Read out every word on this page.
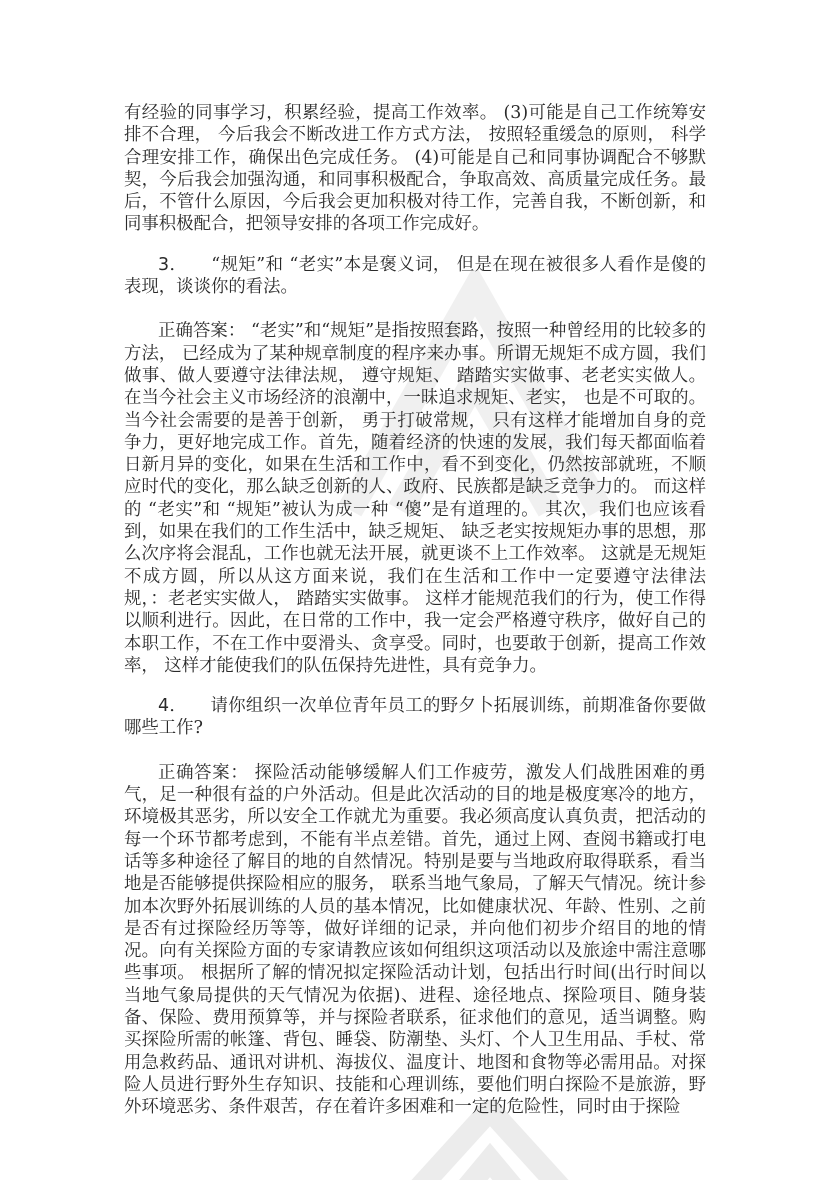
有经验的同事学习，积累经验，提高工作效率。 (3)可能是自己工作统筹安排不合理， 今后我会不断改进工作方式方法， 按照轻重缓急的原则， 科学合理安排工作，确保出色完成任务。 (4)可能是自己和同事协调配合不够默契，今后我会加强沟通，和同事积极配合，争取高效、高质量完成任务。最后，不管什么原因，今后我会更加积极对待工作，完善自我，不断创新，和同事积极配合，把领导安排的各项工作完成好。

3． “规矩”和 “老实”本是褒义词， 但是在现在被很多人看作是傻的表现，谈谈你的看法。

正确答案： “老实”和“规矩”是指按照套路，按照一种曾经用的比较多的方法， 已经成为了某种规章制度的程序来办事。所谓无规矩不成方圆，我们做事、做人要遵守法律法规， 遵守规矩、 踏踏实实做事、老老实实做人。在当今社会主义市场经济的浪潮中，一昧追求规矩、老实， 也是不可取的。 当今社会需要的是善于创新， 勇于打破常规， 只有这样才能增加自身的竞争力，更好地完成工作。首先，随着经济的快速的发展，我们每天都面临着日新月异的变化，如果在生活和工作中，看不到变化，仍然按部就班，不顺应时代的变化，那么缺乏创新的人、政府、民族都是缺乏竞争力的。 而这样的 “老实”和 “规矩”被认为成一种 “傻”是有道理的。 其次，我们也应该看到，如果在我们的工作生活中，缺乏规矩、 缺乏老实按规矩办事的思想，那么次序将会混乱，工作也就无法开展，就更谈不上工作效率。 这就是无规矩不成方圆，所以从这方面来说，我们在生活和工作中一定要遵守法律法规，：老老实实做人， 踏踏实实做事。 这样才能规范我们的行为，使工作得以顺利进行。因此，在日常的工作中，我一定会严格遵守秩序，做好自己的本职工作，不在工作中耍滑头、贪享受。同时，也要敢于创新，提高工作效率， 这样才能使我们的队伍保持先进性，具有竞争力。

4． 请你组织一次单位青年员工的野夕卜拓展训练，前期准备你要做哪些工作?

正确答案： 探险活动能够缓解人们工作疲劳，激发人们战胜困难的勇气，足一种很有益的户外活动。但是此次活动的目的地是极度寒冷的地方，环境极其恶劣，所以安全工作就尤为重要。我必须高度认真负责，把活动的每一个环节都考虑到，不能有半点差错。首先，通过上网、查阅书籍或打电话等多种途径了解目的地的自然情况。特别是要与当地政府取得联系，看当地是否能够提供探险相应的服务， 联系当地气象局，了解天气情况。统计参加本次野外拓展训练的人员的基本情况，比如健康状况、年龄、性别、之前是否有过探险经历等等，做好详细的记录，并向他们初步介绍目的地的情况。向有关探险方面的专家请教应该如何组织这项活动以及旅途中需注意哪些事项。 根据所了解的情况拟定探险活动计划，包括出行时间(出行时间以当地气象局提供的天气情况为依据)、进程、途径地点、探险项目、随身装备、保险、费用预算等，并与探险者联系，征求他们的意见，适当调整。购买探险所需的帐篷、背包、睡袋、防潮垫、头灯、个人卫生用品、手杖、常用急救药品、通讯对讲机、海拔仪、温度计、地图和食物等必需用品。对探险人员进行野外生存知识、技能和心理训练，要他们明白探险不是旅游，野外环境恶劣、条件艰苦，存在着许多困难和一定的危险性，同时由于探险
